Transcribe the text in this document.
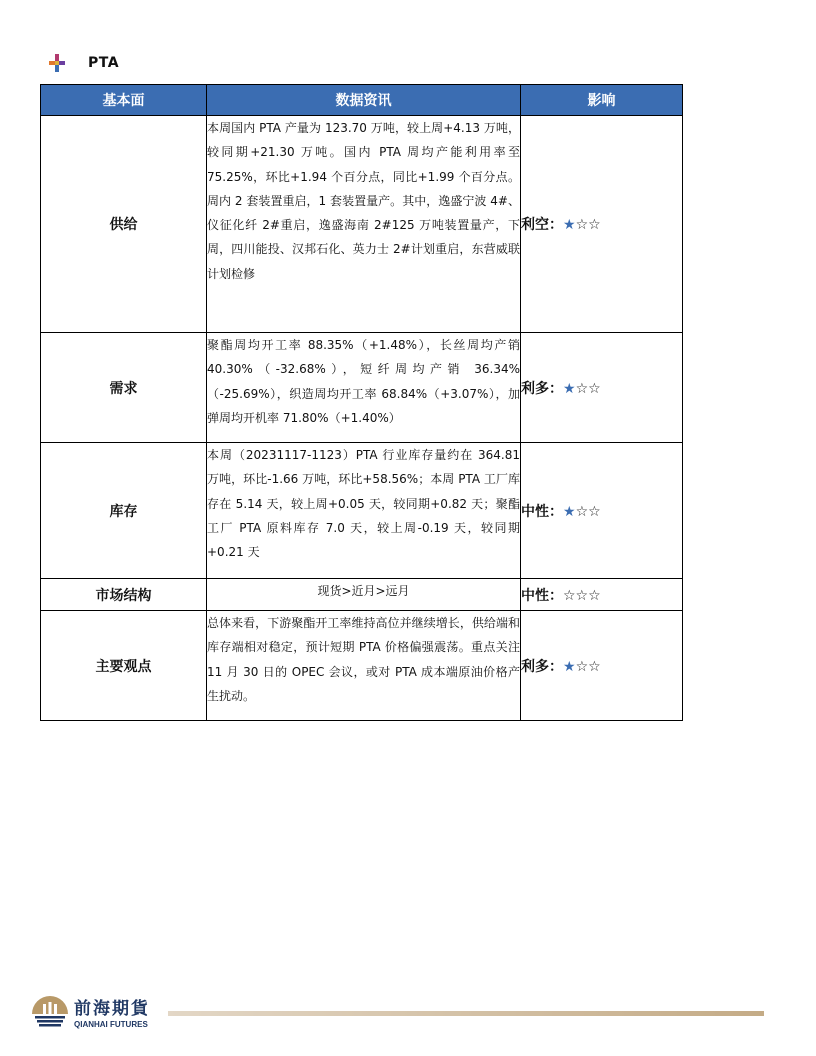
PTA
基本面	数据资讯	影响
供给	本周国内 PTA 产量为 123.70 万吨，较上周+4.13 万吨，较同期+21.30 万吨。国内 PTA 周均产能利用率至 75.25%，环比+1.94 个百分点，同比+1.99 个百分点。周内 2 套装置重启，1 套装置量产。其中，逸盛宁波 4#、仪征化纤 2#重启，逸盛海南 2#125 万吨装置量产，下周，四川能投、汉邦石化、英力士 2#计划重启，东营威联计划检修	利空：★☆☆
需求	聚酯周均开工率 88.35%（+1.48%），长丝周均产销 40.30%（-32.68%），短纤周均产销 36.34%（-25.69%），织造周均开工率 68.84%（+3.07%），加弹周均开机率 71.80%（+1.40%）	利多：★☆☆
库存	本周（20231117-1123）PTA 行业库存量约在 364.81 万吨，环比-1.66 万吨，环比+58.56%；本周 PTA 工厂库存在 5.14 天，较上周+0.05 天，较同期+0.82 天；聚酯工厂 PTA 原料库存 7.0 天，较上周-0.19 天，较同期+0.21 天	中性：★☆☆
市场结构	现货>近月>远月	中性：☆☆☆
主要观点	总体来看，下游聚酯开工率维持高位并继续增长，供给端和库存端相对稳定，预计短期 PTA 价格偏强震荡。重点关注 11 月 30 日的 OPEC 会议，或对 PTA 成本端原油价格产生扰动。	利多：★☆☆
前海期貨
QIANHAI FUTURES
